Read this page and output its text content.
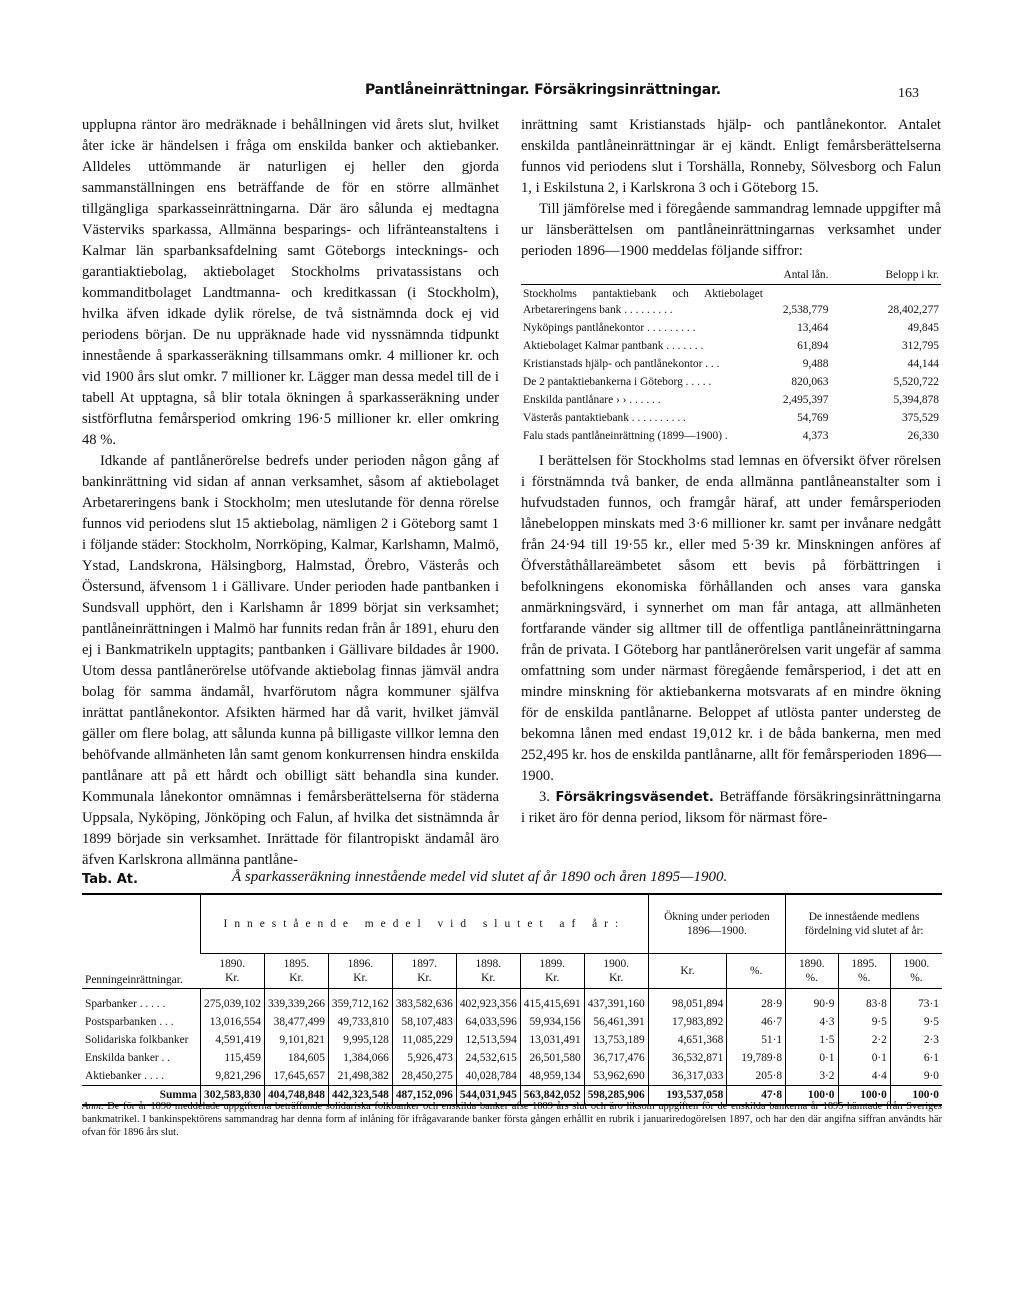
Pantlåneinrättningar. Försäkringsinrättningar.	163

upplupna räntor äro medräknade i behållningen vid årets slut, hvilket åter icke är händelsen i fråga om enskilda banker och aktiebanker. Alldeles uttömmande är naturligen ej heller den gjorda sammanställningen ens beträffande de för en större allmänhet tillgängliga sparkasseinrättningarna. Där äro sålunda ej medtagna Västerviks sparkassa, Allmänna besparings- och lifränteanstaltens i Kalmar län sparbanksafdelning samt Göteborgs intecknings- och garantiaktiebolag, aktiebolaget Stockholms privatassistans och kommanditbolaget Landtmanna- och kreditkassan (i Stockholm), hvilka äfven idkade dylik rörelse, de två sistnämnda dock ej vid periodens början. De nu uppräknade hade vid nyssnämnda tidpunkt innestående å sparkasseräkning tillsammans omkr. 4 millioner kr. och vid 1900 års slut omkr. 7 millioner kr. Lägger man dessa medel till de i tabell At upptagna, så blir totala ökningen å sparkasseräkning under sistförflutna femårsperiod omkring 196·5 millioner kr. eller omkring 48 %.

Idkande af pantlånerörelse bedrefs under perioden någon gång af bankinrättning vid sidan af annan verksamhet, såsom af aktiebolaget Arbetareringens bank i Stockholm; men uteslutande för denna rörelse funnos vid periodens slut 15 aktiebolag, nämligen 2 i Göteborg samt 1 i följande städer: Stockholm, Norrköping, Kalmar, Karlshamn, Malmö, Ystad, Landskrona, Hälsingborg, Halmstad, Örebro, Västerås och Östersund, äfvensom 1 i Gällivare. Under perioden hade pantbanken i Sundsvall upphört, den i Karlshamn år 1899 börjat sin verksamhet; pantlåneinrättningen i Malmö har funnits redan från år 1891, ehuru den ej i Bankmatrikeln upptagits; pantbanken i Gällivare bildades år 1900. Utom dessa pantlånerörelse utöfvande aktiebolag finnas jämväl andra bolag för samma ändamål, hvarförutom några kommuner själfva inrättat pantlånekontor. Afsikten härmed har då varit, hvilket jämväl gäller om flere bolag, att sålunda kunna på billigaste villkor lemna den behöfvande allmänheten lån samt genom konkurrensen hindra enskilda pantlånare att på ett hårdt och obilligt sätt behandla sina kunder. Kommunala lånekontor omnämnas i femårsberättelserna för städerna Uppsala, Nyköping, Jönköping och Falun, af hvilka det sistnämnda år 1899 började sin verksamhet. Inrättade för filantropiskt ändamål äro äfven Karlskrona allmänna pantlåne-

inrättning samt Kristianstads hjälp- och pantlånekontor. Antalet enskilda pantlåneinrättningar är ej kändt. Enligt femårsberättelserna funnos vid periodens slut i Torshälla, Ronneby, Sölvesborg och Falun 1, i Eskilstuna 2, i Karlskrona 3 och i Göteborg 15.

Till jämförelse med i föregående sammandrag lemnade uppgifter må ur länsberättelsen om pantlåneinrättningarnas verksamhet under perioden 1896—1900 meddelas följande siffror:

	Antal lån.	Belopp i kr.
Stockholms pantaktiebank och Aktiebolaget Arbetareringens bank . . . . . . . . .	2,538,779	28,402,277
Nyköpings pantlånekontor . . . . . . . . .	13,464	49,845
Aktiebolaget Kalmar pantbank . . . . . . .	61,894	312,795
Kristianstads hjälp- och pantlånekontor . . .	9,488	44,144
De 2 pantaktiebankerna i Göteborg . . . . .	820,063	5,520,722
Enskilda pantlånare › › . . . . . .	2,495,397	5,394,878
Västerås pantaktiebank . . . . . . . . . .	54,769	375,529
Falu stads pantlåneinrättning (1899—1900) .	4,373	26,330

I berättelsen för Stockholms stad lemnas en öfversikt öfver rörelsen i förstnämnda två banker, de enda allmänna pantlåneanstalter som i hufvudstaden funnos, och framgår häraf, att under femårsperioden lånebeloppen minskats med 3·6 millioner kr. samt per invånare nedgått från 24·94 till 19·55 kr., eller med 5·39 kr. Minskningen anföres af Öfverståthållareämbetet såsom ett bevis på förbättringen i befolkningens ekonomiska förhållanden och anses vara ganska anmärkningsvärd, i synnerhet om man får antaga, att allmänheten fortfarande vänder sig alltmer till de offentliga pantlåneinrättningarna från de privata. I Göteborg har pantlånerörelsen varit ungefär af samma omfattning som under närmast föregående femårsperiod, i det att en mindre minskning för aktiebankerna motsvarats af en mindre ökning för de enskilda pantlånarne. Beloppet af utlösta panter understeg de bekomna lånen med endast 19,012 kr. i de båda bankerna, men med 252,495 kr. hos de enskilda pantlånarne, allt för femårsperioden 1896—1900.

3. Försäkringsväsendet. Beträffande försäkringsinrättningarna i riket äro för denna period, liksom för närmast före-

Tab. At.	Å sparkasseräkning innestående medel vid slutet af år 1890 och åren 1895—1900.
Penningeinrättningar.	Innestående medel vid slutet af år:							Ökning under perioden 1896—1900.		De innestående medlens fördelning vid slutet af år:		
	1890.
Kr.	1895.
Kr.	1896.
Kr.	1897.
Kr.	1898.
Kr.	1899.
Kr.	1900.
Kr.	Kr.	%.	1890.
%.	1895.
%.	1900.
%.

Sparbanker . . . . .	275,039,102	339,339,266	359,712,162	383,582,636	402,923,356	415,415,691	437,391,160	98,051,894	28·9	90·9	83·8	73·1
Postsparbanken . . .	13,016,554	38,477,499	49,733,810	58,107,483	64,033,596	59,934,156	56,461,391	17,983,892	46·7	4·3	9·5	9·5
Solidariska folkbanker	4,591,419	9,101,821	9,995,128	11,085,229	12,513,594	13,031,491	13,753,189	4,651,368	51·1	1·5	2·2	2·3
Enskilda banker . .	115,459	184,605	1,384,066	5,926,473	24,532,615	26,501,580	36,717,476	36,532,871	19,789·8	0·1	0·1	6·1
Aktiebanker . . . .	9,821,296	17,645,657	21,498,382	28,450,275	40,028,784	48,959,134	53,962,690	36,317,033	205·8	3·2	4·4	9·0
Summa	302,583,830	404,748,848	442,323,548	487,152,096	544,031,945	563,842,052	598,285,906	193,537,058	47·8	100·0	100·0	100·0
Anm. De för år 1890 meddelade uppgifterna beträffande solidariska folkbanker och enskilda banker afse 1889 års slut och äro liksom uppgiften för de enskilda bankerna år 1895 hämtade från Sveriges bankmatrikel. I bankinspektörens sammandrag har denna form af inlåning för ifrågavarande banker första gången erhållit en rubrik i januariredogörelsen 1897, och har den där angifna siffran användts här ofvan för 1896 års slut.
